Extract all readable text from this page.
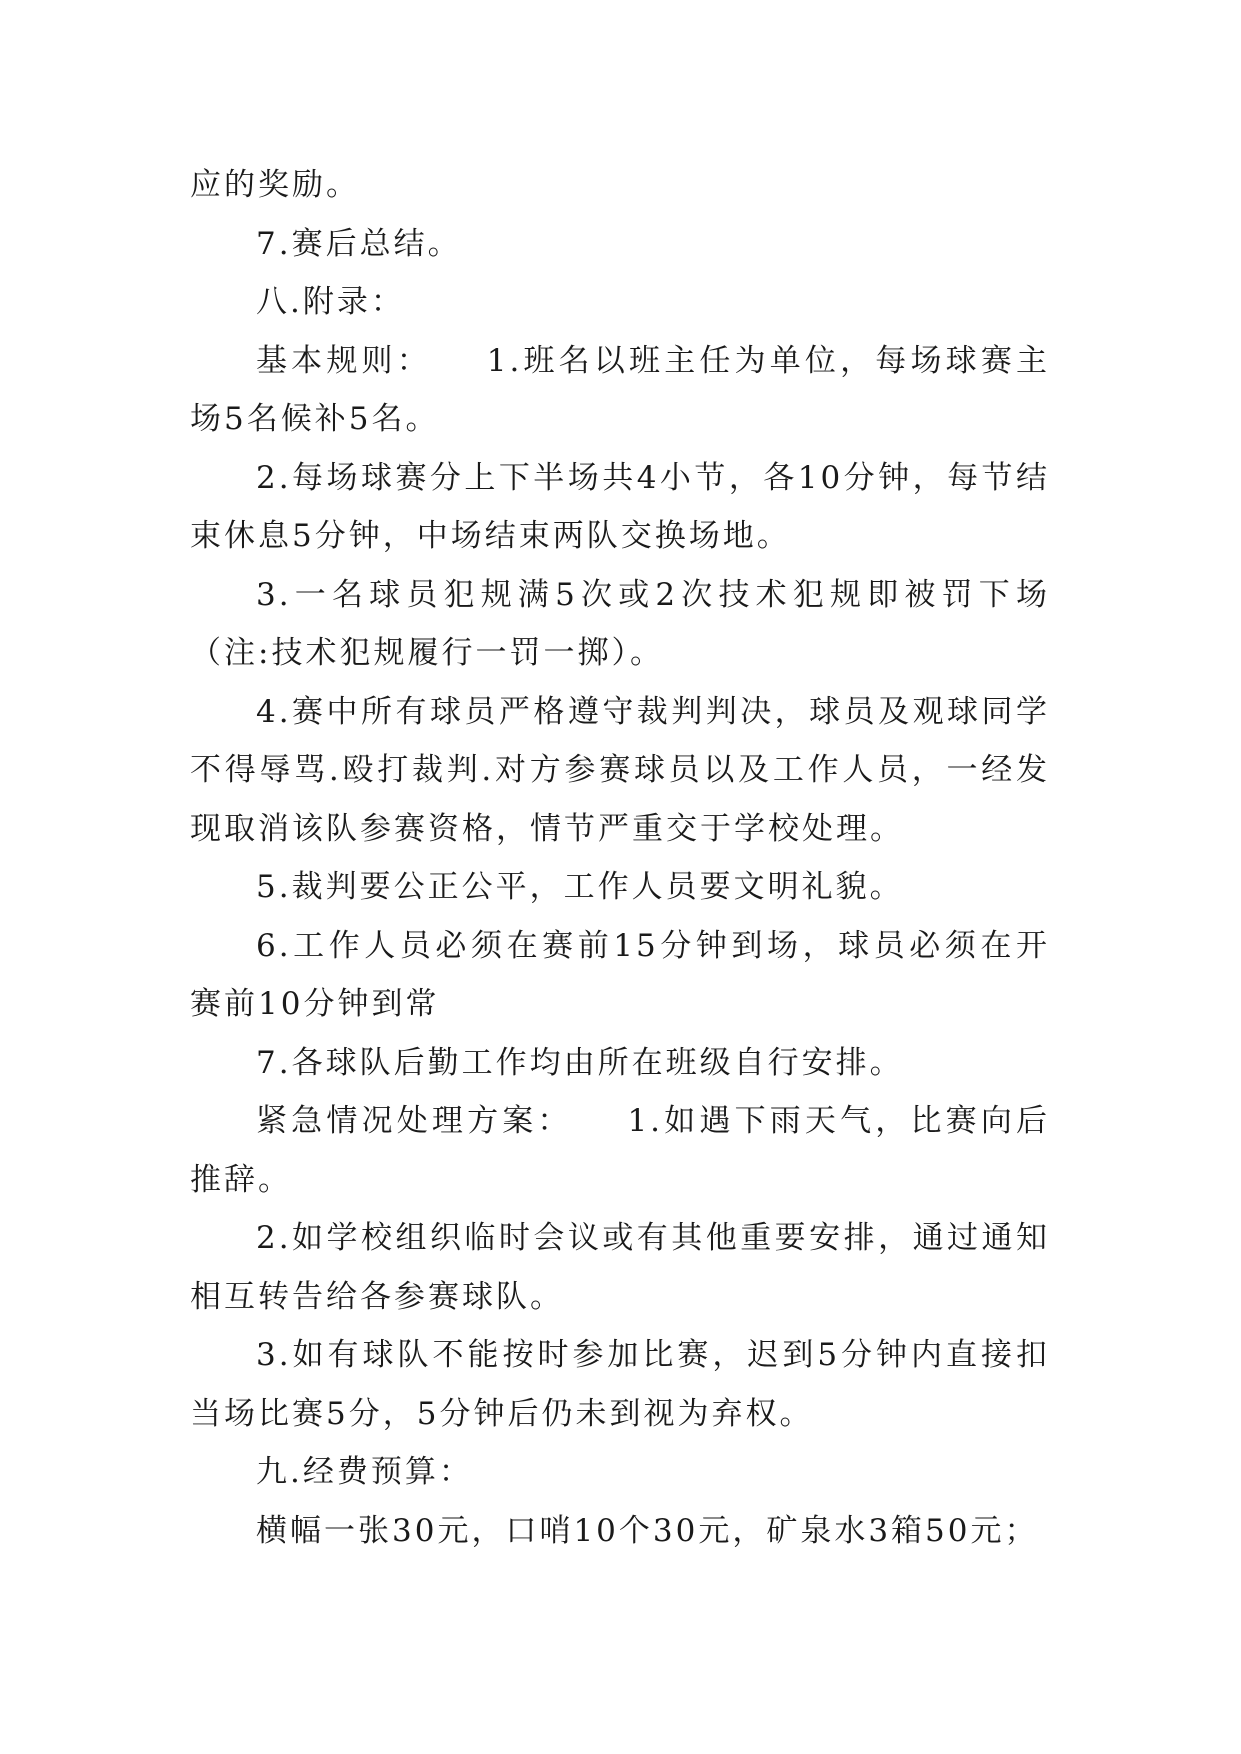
应的奖励。

7.赛后总结。

八.附录：

基本规则：　　1.班名以班主任为单位，每场球赛主场5名候补5名。

2.每场球赛分上下半场共4小节，各10分钟，每节结束休息5分钟，中场结束两队交换场地。

3.一名球员犯规满5次或2次技术犯规即被罚下场（注:技术犯规履行一罚一掷）。

4.赛中所有球员严格遵守裁判判决，球员及观球同学不得辱骂.殴打裁判.对方参赛球员以及工作人员，一经发现取消该队参赛资格，情节严重交于学校处理。

5.裁判要公正公平，工作人员要文明礼貌。

6.工作人员必须在赛前15分钟到场，球员必须在开赛前10分钟到常

7.各球队后勤工作均由所在班级自行安排。

紧急情况处理方案：　　1.如遇下雨天气，比赛向后推辞。

2.如学校组织临时会议或有其他重要安排，通过通知相互转告给各参赛球队。

3.如有球队不能按时参加比赛，迟到5分钟内直接扣当场比赛5分，5分钟后仍未到视为弃权。

九.经费预算：

横幅一张30元，口哨10个30元，矿泉水3箱50元；
